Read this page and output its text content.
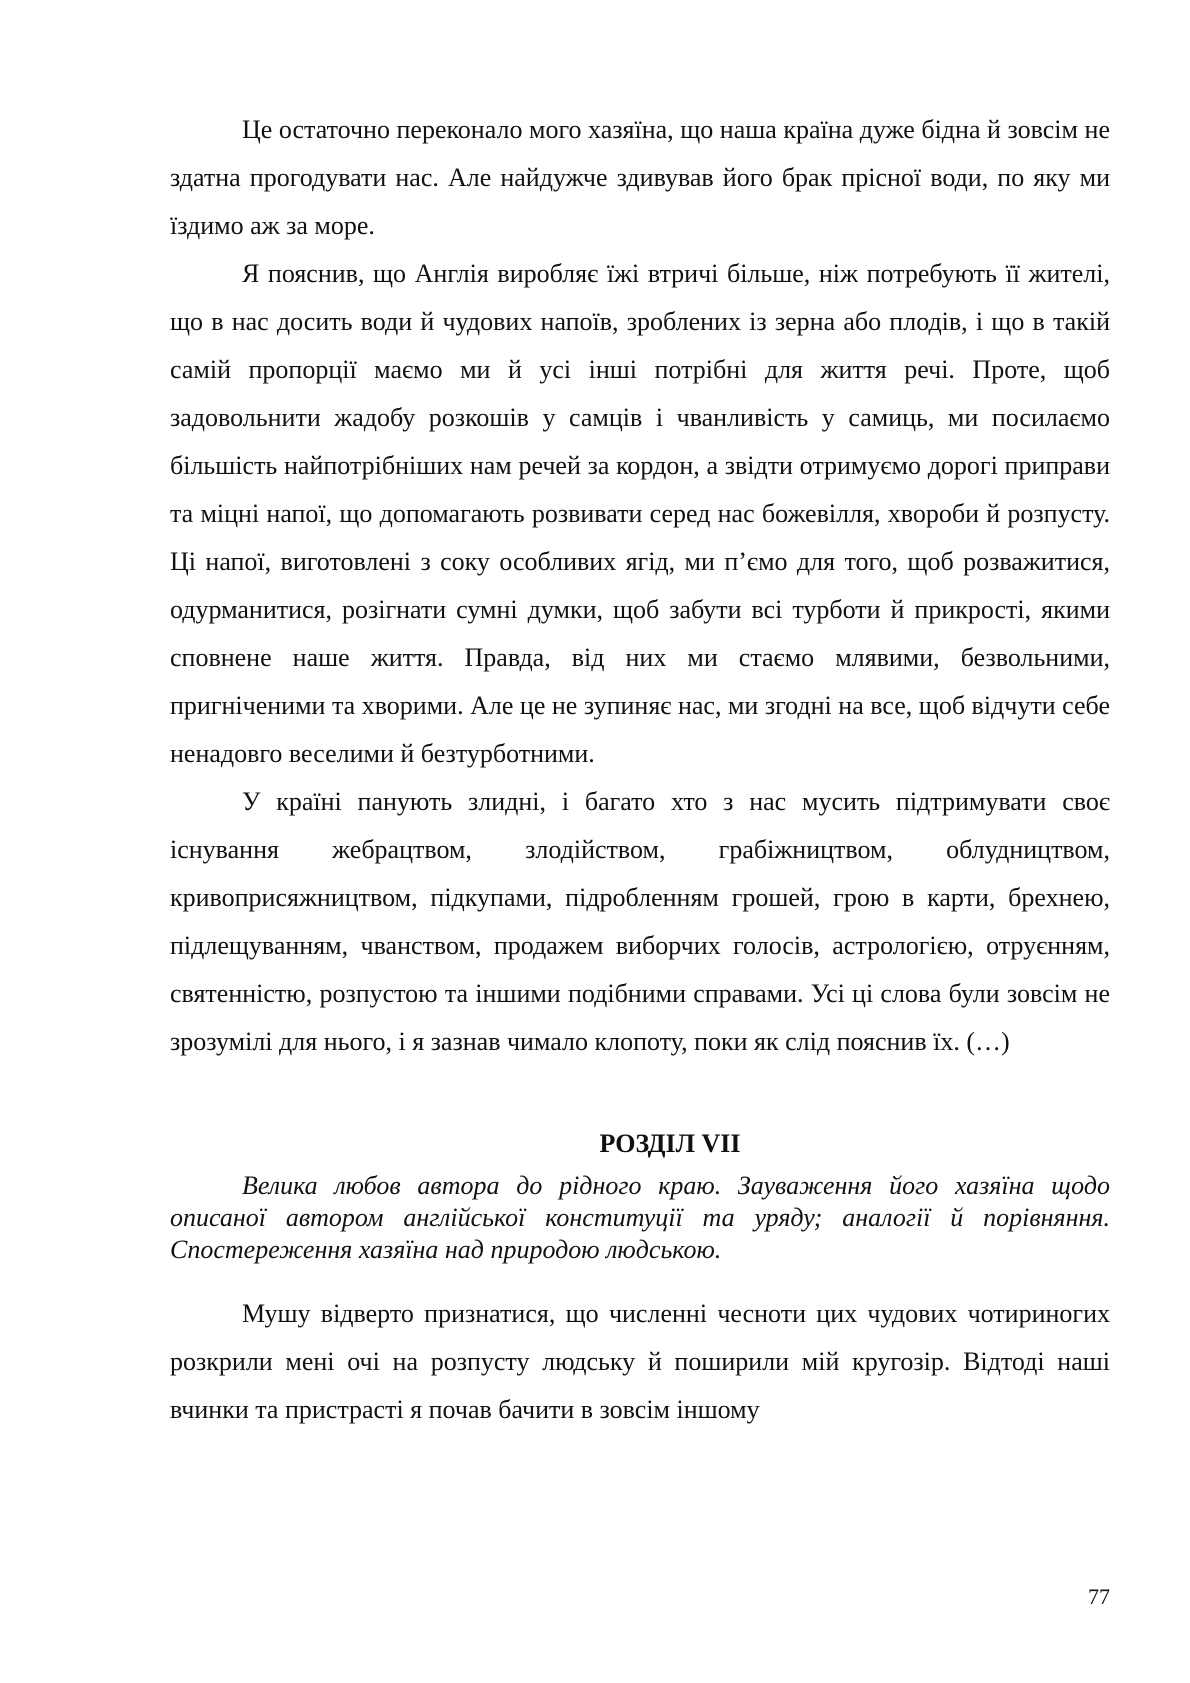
Це остаточно переконало мого хазяїна, що наша країна дуже бідна й зовсім не здатна прогодувати нас. Але найдужче здивував його брак прісної води, по яку ми їздимо аж за море.

Я пояснив, що Англія виробляє їжі втричі більше, ніж потребують її жителі, що в нас досить води й чудових напоїв, зроблених із зерна або плодів, і що в такій самій пропорції маємо ми й усі інші потрібні для життя речі. Проте, щоб задовольнити жадобу розкошів у самців і чванливість у самиць, ми посилаємо більшість найпотрібніших нам речей за кордон, а звідти отримуємо дорогі приправи та міцні напої, що допомагають розвивати серед нас божевілля, хвороби й розпусту. Ці напої, виготовлені з соку особливих ягід, ми п’ємо для того, щоб розважитися, одурманитися, розігнати сумні думки, щоб забути всі турботи й прикрості, якими сповнене наше життя. Правда, від них ми стаємо млявими, безвольними, пригніченими та хворими. Але це не зупиняє нас, ми згодні на все, щоб відчути себе ненадовго веселими й безтурботними.

У країні панують злидні, і багато хто з нас мусить підтримувати своє існування жебрацтвом, злодійством, грабіжництвом, облудництвом, кривоприсяжництвом, підкупами, підробленням грошей, грою в карти, брехнею, підлещуванням, чванством, продажем виборчих голосів, астрологією, отруєнням, святенністю, розпустою та іншими подібними справами. Усі ці слова були зовсім не зрозумілі для нього, і я зазнав чимало клопоту, поки як слід пояснив їх. (…)

РОЗДІЛ VII

Велика любов автора до рідного краю. Зауваження його хазяїна щодо описаної автором англійської конституції та уряду; аналогії й порівняння. Спостереження хазяїна над природою людською.

Мушу відверто признатися, що численні чесноти цих чудових чотириногих розкрили мені очі на розпусту людську й поширили мій кругозір. Відтоді наші вчинки та пристрасті я почав бачити в зовсім іншому

77
